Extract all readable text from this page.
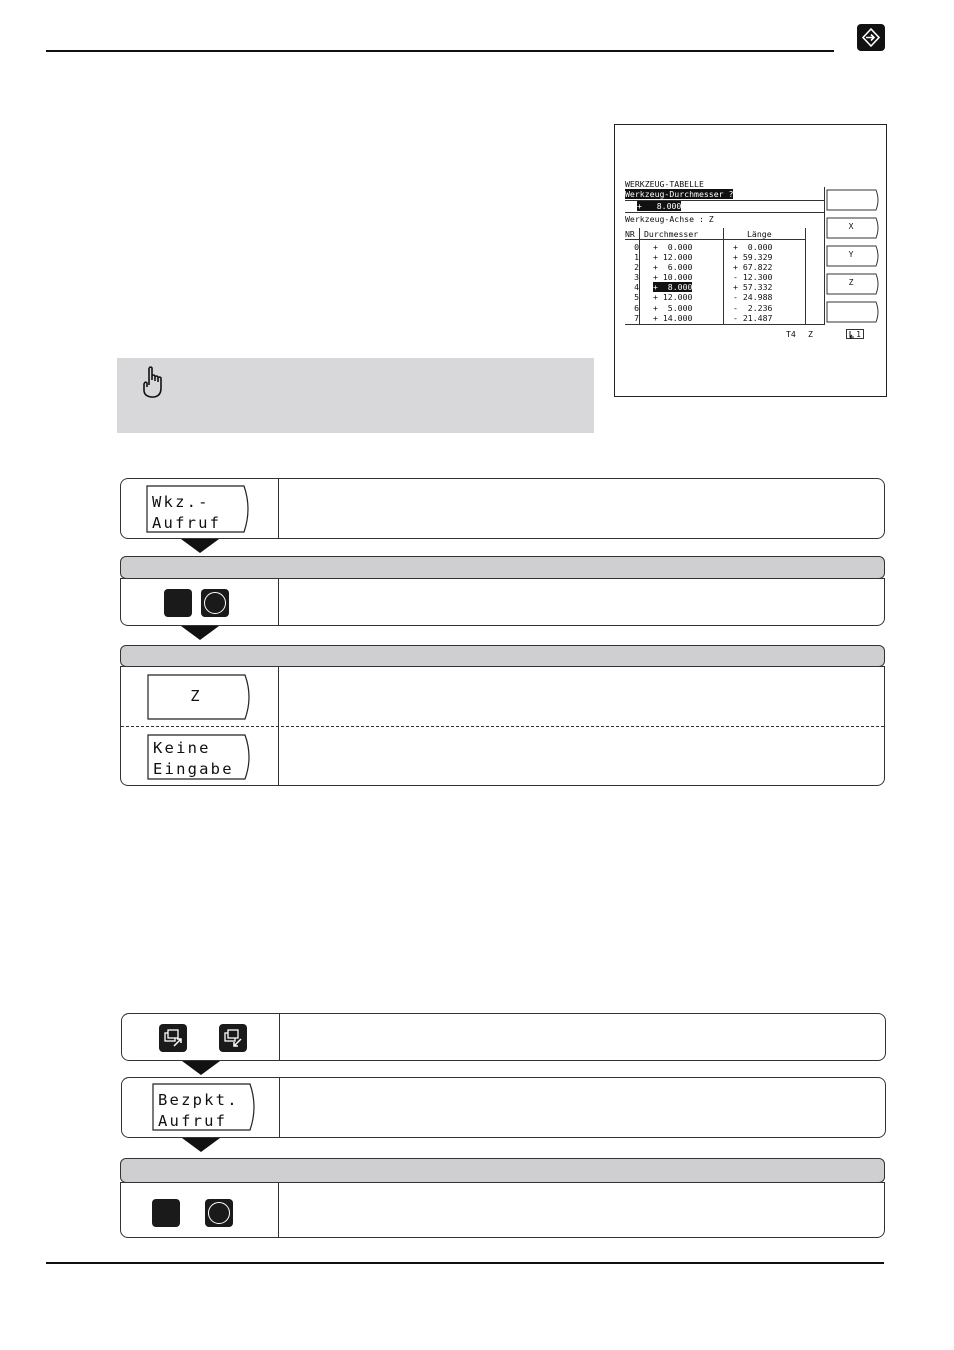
WERKZEUG-TABELLE
Werkzeug-Durchmesser ?
+   8.000
Werkzeug-Achse : Z
NR Durchmesser	Länge
0		+  0.000	+  0.000
1		+ 12.000	+ 59.329
2		+  6.000	+ 67.822
3		+ 10.000	- 12.300
4		+  8.000	+ 57.332
5		+ 12.000	- 24.988
6		+  5.000	-  2.236
7		+ 14.000	- 21.487
X
Y
Z
T4 Z	1
Wkz.-
Aufruf
Z
Keine
Eingabe
Bezpkt.
Aufruf
